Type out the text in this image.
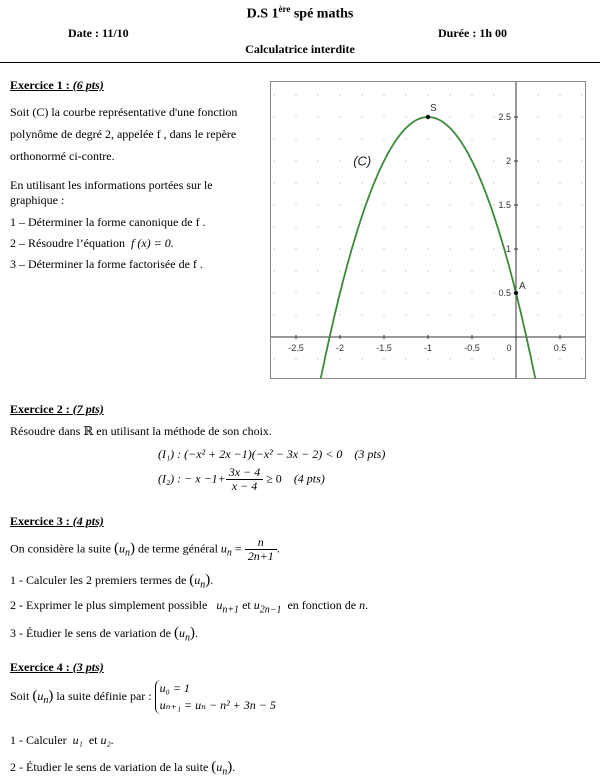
D.S 1ère spé maths
Date : 11/10	Durée : 1h 00
Calculatrice interdite
Exercice 1 : (6 pts)
Soit (C) la courbe représentative d'une fonction
polynôme de degré 2, appelée f , dans le repère
orthonormé ci-contre.
En utilisant les informations portées sur le
graphique :
1 – Déterminer la forme canonique de f .
2 – Résoudre l’équation f (x) = 0.
3 – Déterminer la forme factorisée de f .
-2.5	-2	-1.5	-1	-0.5	0	0.5
0.5
1
1.5
2
2.5
S
A
(C)
Exercice 2 : (7 pts)
Résoudre dans ℝ en utilisant la méthode de son choix.
(I₁) : (−x² + 2x −1)(−x² − 3x − 2) < 0 (3 pts)
(I₂) : − $x -1+ \frac{3x - 4}{x - 4} \ge 0$ (4 pts)
Exercice 3 : (4 pts)
On considère la suite $(u_n)$ de terme général $u_n = \frac{n}{2n+1}$ .
1 - Calculer les 2 premiers termes de $(u_n)$.
2 - Exprimer le plus simplement possible $u_{n+1}$ et $u_{2n-1}$ en fonction de n.
3 - Étudier le sens de variation de $(u_n)$.
Exercice 4 : (3 pts)
Soit $(u_n)$ la suite définie par : u₀ = 1
uₙ₊₁ = uₙ − n² + 3n − 5
1 - Calculer u₁ et u₂.
2 - Étudier le sens de variation de la suite $(u_n)$.
